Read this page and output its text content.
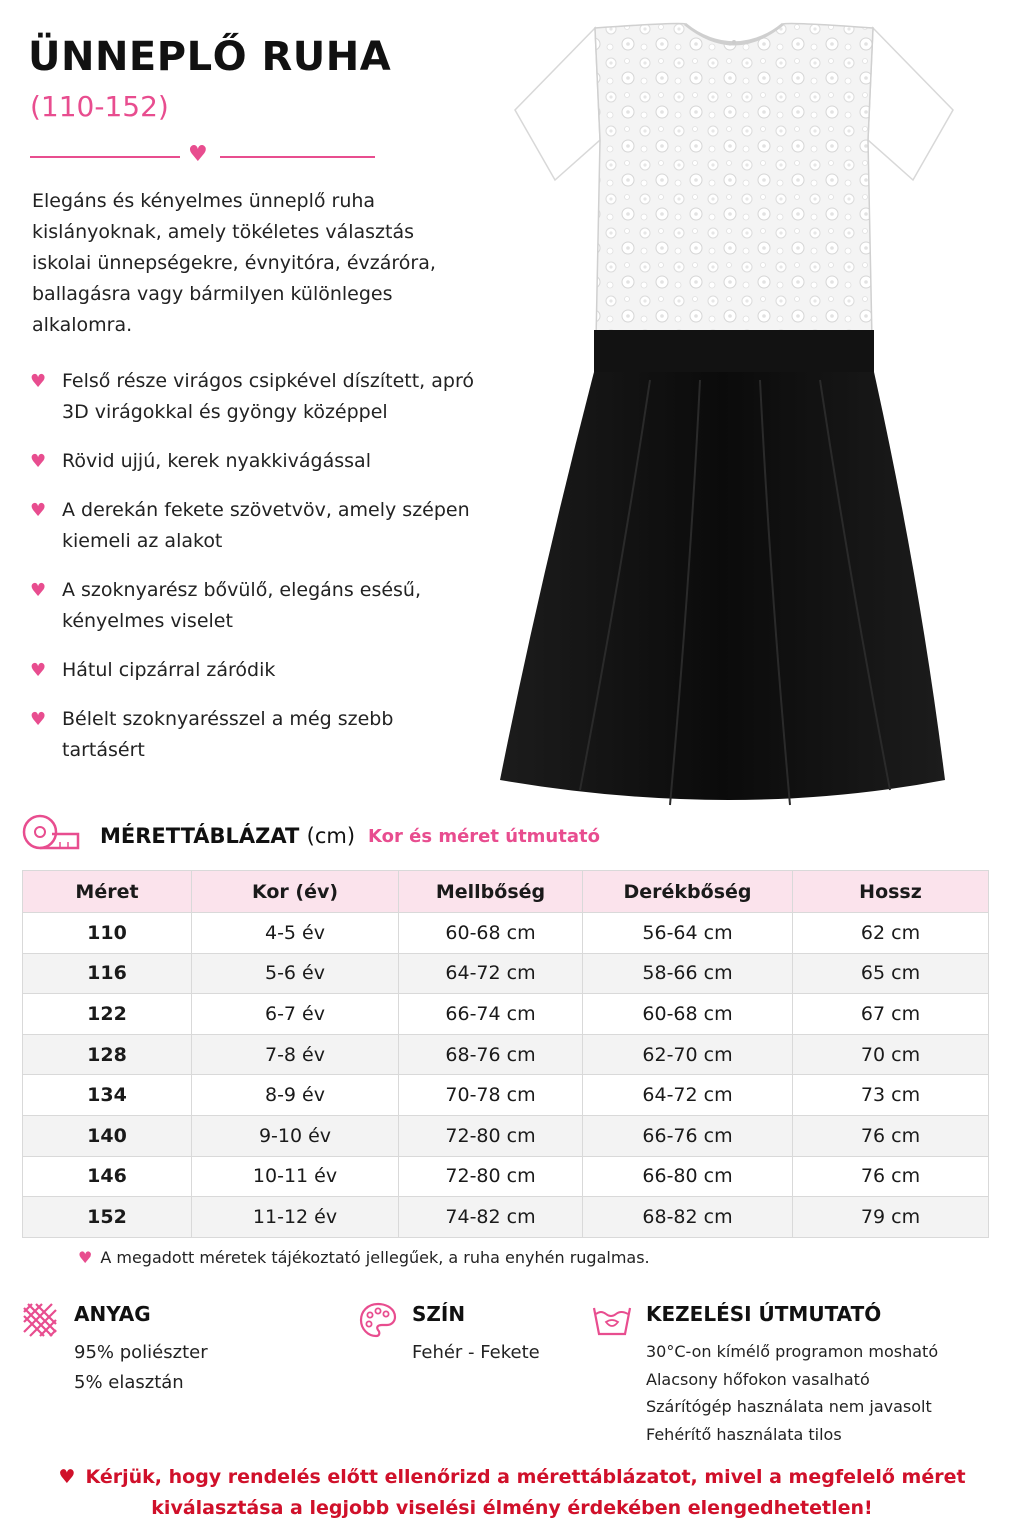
ÜNNEPLŐ RUHA
(110-152)
♥

Elegáns és kényelmes ünneplő ruha kislányoknak, amely tökéletes választás iskolai ünnepségekre, évnyitóra, évzáróra, ballagásra vagy bármilyen különleges alkalomra.

♥ Felső része virágos csipkével díszített, apró 3D virágokkal és gyöngy középpel
♥ Rövid ujjú, kerek nyakkivágással
♥ A derekán fekete szövetvöv, amely szépen kiemeli az alakot
♥ A szoknyarész bővülő, elegáns esésű, kényelmes viselet
♥ Hátul cipzárral záródik
♥ Bélelt szoknyarésszel a még szebb tartásért
MÉRETTÁBLÁZAT (cm) Kor és méret útmutató
Méret	Kor (év)	Mellbőség	Derékbőség	Hossz
110	4-5 év	60-68 cm	56-64 cm	62 cm
116	5-6 év	64-72 cm	58-66 cm	65 cm
122	6-7 év	66-74 cm	60-68 cm	67 cm
128	7-8 év	68-76 cm	62-70 cm	70 cm
134	8-9 év	70-78 cm	64-72 cm	73 cm
140	9-10 év	72-80 cm	66-76 cm	76 cm
146	10-11 év	72-80 cm	66-80 cm	76 cm
152	11-12 év	74-82 cm	68-82 cm	79 cm
♥ A megadott méretek tájékoztató jellegűek, a ruha enyhén rugalmas.
ANYAG
95% poliészter
5% elasztán
SZÍN
Fehér - Fekete
KEZELÉSI ÚTMUTATÓ
30°C-on kímélő programon mosható
Alacsony hőfokon vasalható
Szárítógép használata nem javasolt
Fehérítő használata tilos
♥ Kérjük, hogy rendelés előtt ellenőrizd a mérettáblázatot, mivel a megfelelő méret
kiválasztása a legjobb viselési élmény érdekében elengedhetetlen!
